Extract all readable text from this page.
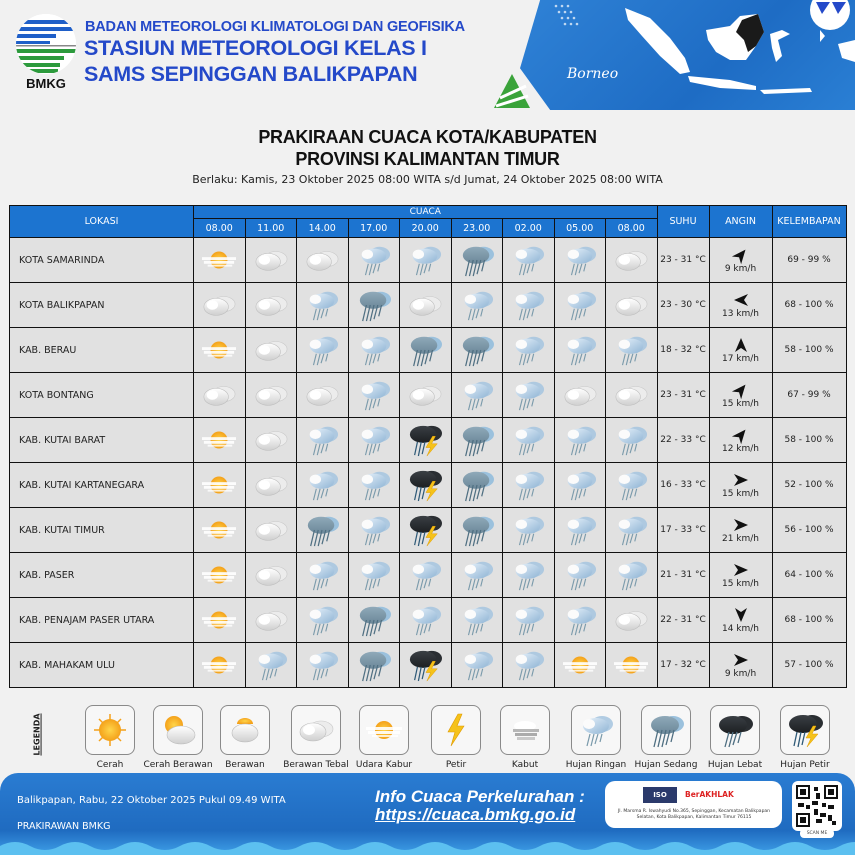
BMKG
BADAN METEOROLOGI KLIMATOLOGI DAN GEOFISIKA
STASIUN METEOROLOGI KELAS I
SAMS SEPINGGAN BALIKPAPAN	Borneo
PRAKIRAAN CUACA KOTA/KABUPATEN
PROVINSI KALIMANTAN TIMUR
Berlaku: Kamis, 23 Oktober 2025 08:00 WITA s/d Jumat, 24 Oktober 2025 08:00 WITA
LOKASI	CUACA									SUHU	ANGIN	KELEMBAPAN
	08.00	11.00	14.00	17.00	20.00	23.00	02.00	05.00	08.00			
KOTA SAMARINDA										23 - 31 °C	9 km/h	69 - 99 %
KOTA BALIKPAPAN										23 - 30 °C	13 km/h	68 - 100 %
KAB. BERAU										18 - 32 °C	17 km/h	58 - 100 %
KOTA BONTANG										23 - 31 °C	15 km/h	67 - 99 %
KAB. KUTAI BARAT										22 - 33 °C	12 km/h	58 - 100 %
KAB. KUTAI KARTANEGARA										16 - 33 °C	15 km/h	52 - 100 %
KAB. KUTAI TIMUR										17 - 33 °C	21 km/h	56 - 100 %
KAB. PASER										21 - 31 °C	15 km/h	64 - 100 %
KAB. PENAJAM PASER UTARA										22 - 31 °C	14 km/h	68 - 100 %
KAB. MAHAKAM ULU										17 - 32 °C	9 km/h	57 - 100 %
LEGENDA
Cerah	Cerah Berawan	Berawan	Berawan Tebal Udara Kabur	Petir	Kabut	Hujan Ringan Hujan Sedang	Hujan Lebat	Hujan Petir
Balikpapan, Rabu, 22 Oktober 2025 Pukul 09.49 WITA
PRAKIRAWAN BMKG
Info Cuaca Perkelurahan :
https://cuaca.bmkg.go.id
ISO	BerAKHLAK
Jl. Marsma R. Iswahyudi No.365, Sepinggan, Kecamatan Balikpapan Selatan, Kota Balikpapan, Kalimantan Timur 76115
SCAN ME
